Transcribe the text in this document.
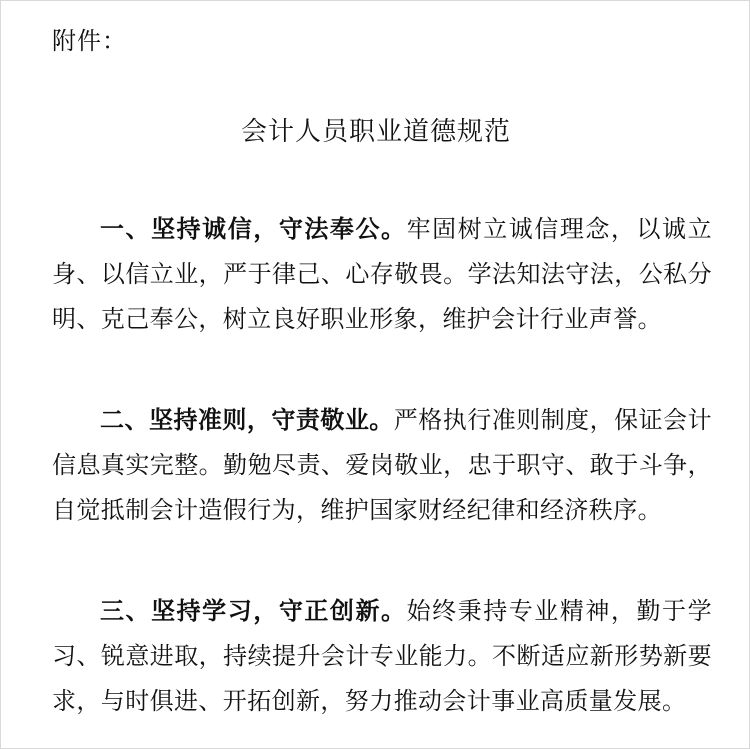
附件：
会计人员职业道德规范

一、坚持诚信，守法奉公。牢固树立诚信理念，以诚立身、以信立业，严于律己、心存敬畏。学法知法守法，公私分明、克己奉公，树立良好职业形象，维护会计行业声誉。

二、坚持准则，守责敬业。严格执行准则制度，保证会计信息真实完整。勤勉尽责、爱岗敬业，忠于职守、敢于斗争，自觉抵制会计造假行为，维护国家财经纪律和经济秩序。

三、坚持学习，守正创新。始终秉持专业精神，勤于学习、锐意进取，持续提升会计专业能力。不断适应新形势新要求，与时俱进、开拓创新，努力推动会计事业高质量发展。
